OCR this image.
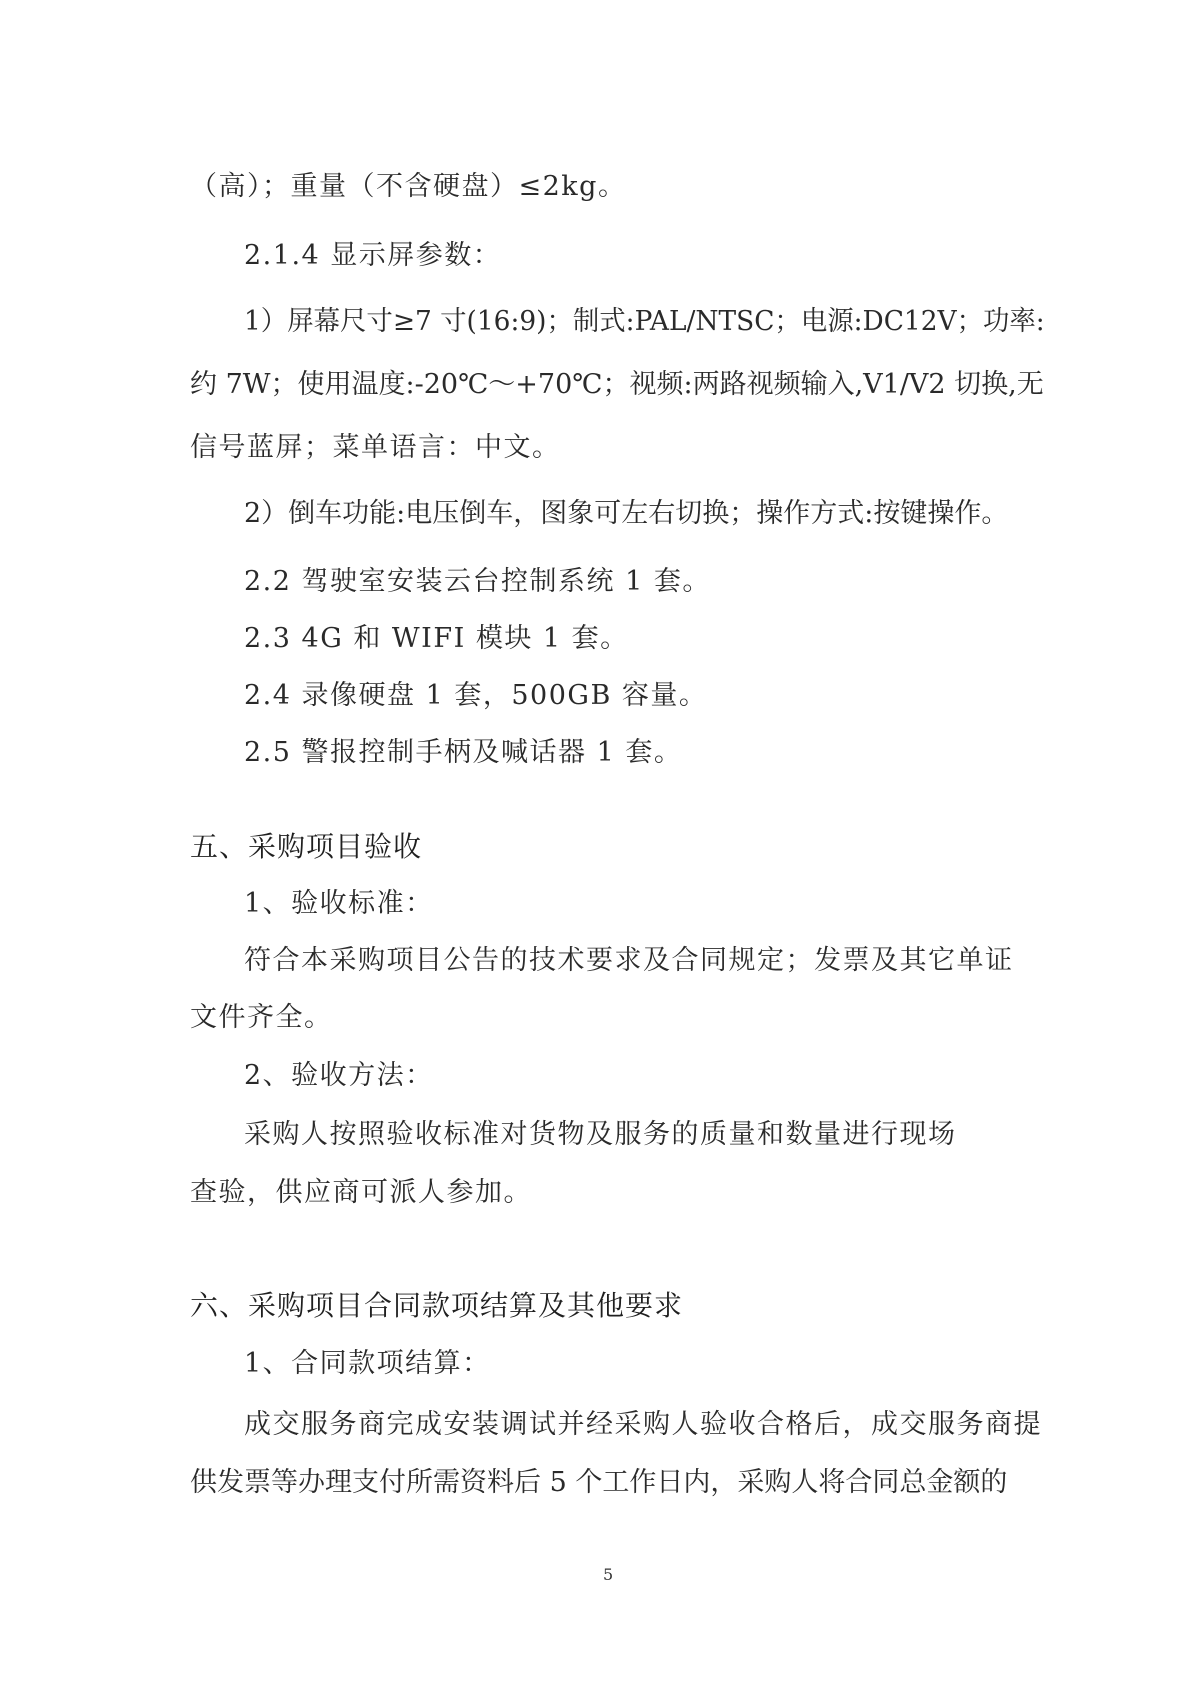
（高）；重量（不含硬盘）≤2kg。
2.1.4 显示屏参数：
1）屏幕尺寸≥7 寸(16:9)；制式:PAL/NTSC；电源:DC12V；功率:
约 7W；使用温度:-20℃～+70℃；视频:两路视频输入,V1/V2 切换,无
信号蓝屏；菜单语言：中文。
2）倒车功能:电压倒车，图象可左右切换；操作方式:按键操作。
2.2 驾驶室安装云台控制系统 1 套。
2.3 4G 和 WIFI 模块 1 套。
2.4 录像硬盘 1 套，500GB 容量。
2.5 警报控制手柄及喊话器 1 套。
五、采购项目验收
1、验收标准：
符合本采购项目公告的技术要求及合同规定；发票及其它单证
文件齐全。
2、验收方法：
采购人按照验收标准对货物及服务的质量和数量进行现场
查验，供应商可派人参加。
六、采购项目合同款项结算及其他要求
1、合同款项结算：
成交服务商完成安装调试并经采购人验收合格后，成交服务商提
供发票等办理支付所需资料后 5 个工作日内，采购人将合同总金额的
5
